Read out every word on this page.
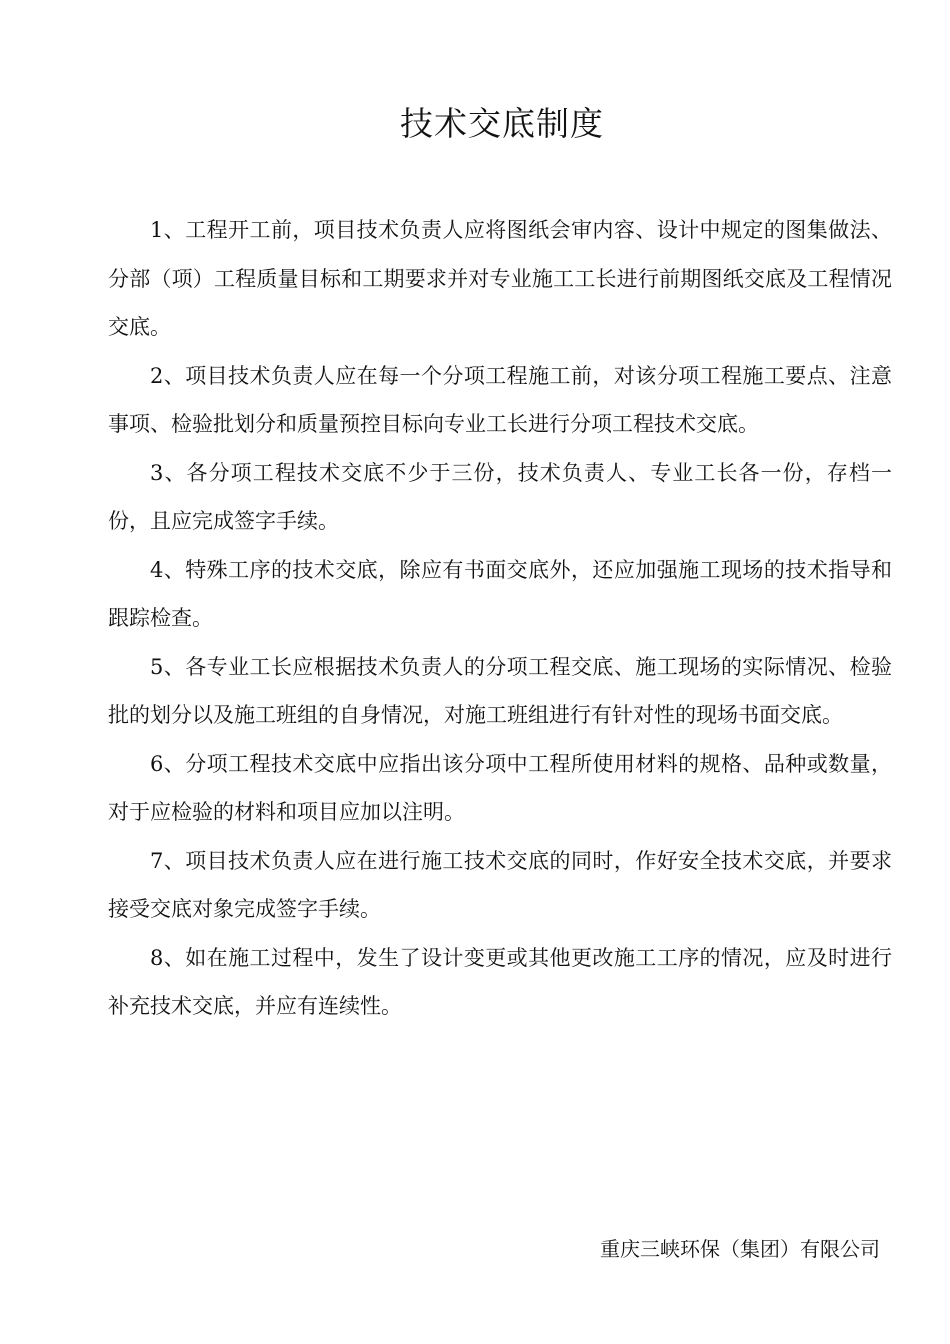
技术交底制度

1、工程开工前，项目技术负责人应将图纸会审内容、设计中规定的图集做法、分部（项）工程质量目标和工期要求并对专业施工工长进行前期图纸交底及工程情况交底。

2、项目技术负责人应在每一个分项工程施工前，对该分项工程施工要点、注意事项、检验批划分和质量预控目标向专业工长进行分项工程技术交底。

3、各分项工程技术交底不少于三份，技术负责人、专业工长各一份，存档一份，且应完成签字手续。

4、特殊工序的技术交底，除应有书面交底外，还应加强施工现场的技术指导和跟踪检查。

5、各专业工长应根据技术负责人的分项工程交底、施工现场的实际情况、检验批的划分以及施工班组的自身情况，对施工班组进行有针对性的现场书面交底。

6、分项工程技术交底中应指出该分项中工程所使用材料的规格、品种或数量，对于应检验的材料和项目应加以注明。

7、项目技术负责人应在进行施工技术交底的同时，作好安全技术交底，并要求接受交底对象完成签字手续。

8、如在施工过程中，发生了设计变更或其他更改施工工序的情况，应及时进行补充技术交底，并应有连续性。

重庆三峡环保（集团）有限公司
